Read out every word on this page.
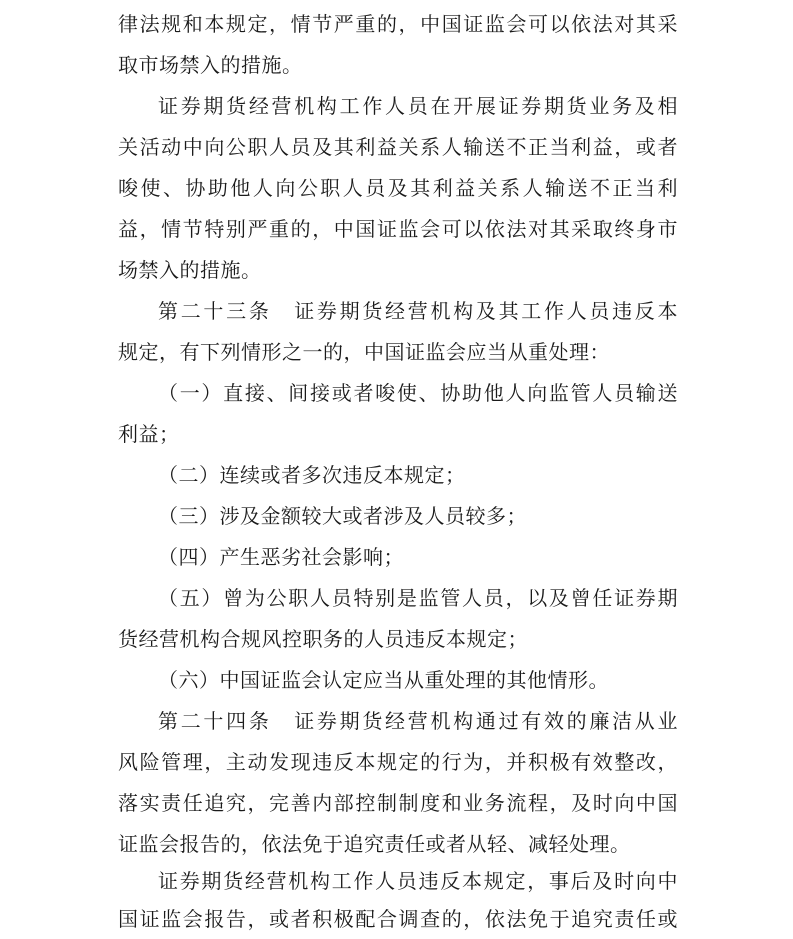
律法规和本规定，情节严重的，中国证监会可以依法对其采
取市场禁入的措施。
证券期货经营机构工作人员在开展证券期货业务及相
关活动中向公职人员及其利益关系人输送不正当利益，或者
唆使、协助他人向公职人员及其利益关系人输送不正当利
益，情节特别严重的，中国证监会可以依法对其采取终身市
场禁入的措施。
第二十三条　证券期货经营机构及其工作人员违反本
规定，有下列情形之一的，中国证监会应当从重处理：
（一）直接、间接或者唆使、协助他人向监管人员输送
利益；
（二）连续或者多次违反本规定；
（三）涉及金额较大或者涉及人员较多；
（四）产生恶劣社会影响；
（五）曾为公职人员特别是监管人员，以及曾任证券期
货经营机构合规风控职务的人员违反本规定；
（六）中国证监会认定应当从重处理的其他情形。
第二十四条　证券期货经营机构通过有效的廉洁从业
风险管理，主动发现违反本规定的行为，并积极有效整改，
落实责任追究，完善内部控制制度和业务流程，及时向中国
证监会报告的，依法免于追究责任或者从轻、减轻处理。
证券期货经营机构工作人员违反本规定，事后及时向中
国证监会报告，或者积极配合调查的，依法免于追究责任或
